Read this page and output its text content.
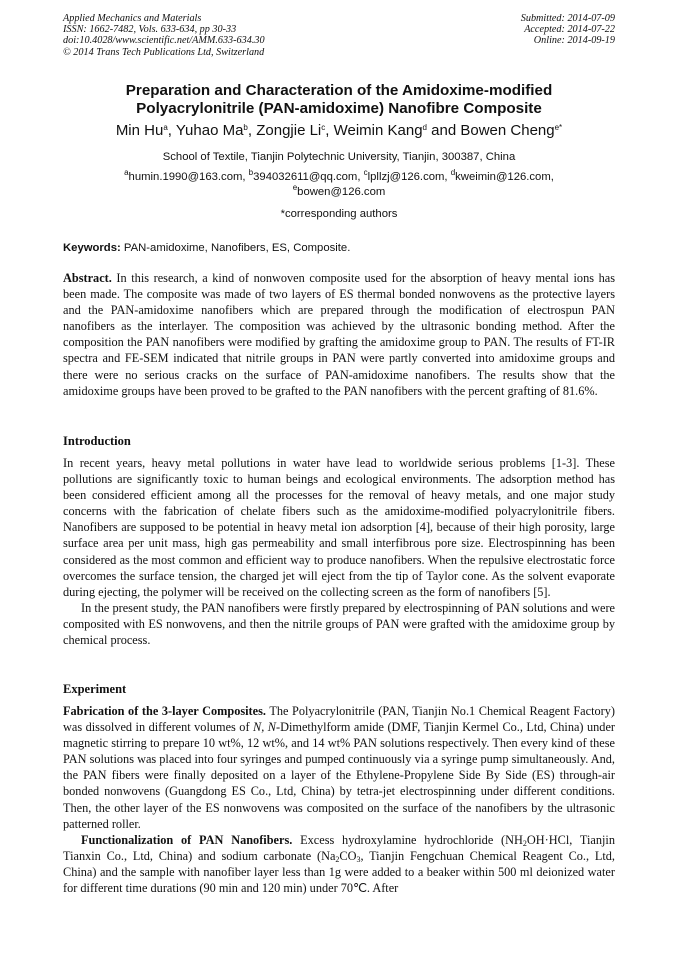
Applied Mechanics and Materials
ISSN: 1662-7482, Vols. 633-634, pp 30-33
doi:10.4028/www.scientific.net/AMM.633-634.30
© 2014 Trans Tech Publications Ltd, Switzerland
Submitted: 2014-07-09
Accepted: 2014-07-22
Online: 2014-09-19
Preparation and Characteration of the Amidoxime-modified
Polyacrylonitrile (PAN-amidoxime) Nanofibre Composite
Min Hu$^a$, Yuhao Ma$^b$, Zongjie Li$^c$, Weimin Kang$^d$ and Bowen Cheng$^{e*}$
School of Textile, Tianjin Polytechnic University, Tianjin, 300387, China
$^a$humin.1990@163.com, $^b$394032611@qq.com, $^c$lpllzj@126.com, $^d$kweimin@126.com,
$^e$bowen@126.com
*corresponding authors
Keywords: PAN-amidoxime, Nanofibers, ES, Composite.

Abstract. In this research, a kind of nonwoven composite used for the absorption of heavy mental ions has been made. The composite was made of two layers of ES thermal bonded nonwovens as the protective layers and the PAN-amidoxime nanofibers which are prepared through the modification of electrospun PAN nanofibers as the interlayer. The composition was achieved by the ultrasonic bonding method. After the composition the PAN nanofibers were modified by grafting the amidoxime group to PAN. The results of FT-IR spectra and FE-SEM indicated that nitrile groups in PAN were partly converted into amidoxime groups and there were no serious cracks on the surface of PAN-amidoxime nanofibers. The results show that the amidoxime groups have been proved to be grafted to the PAN nanofibers with the percent grafting of 81.6%.

Introduction

In recent years, heavy metal pollutions in water have lead to worldwide serious problems [1-3]. These pollutions are significantly toxic to human beings and ecological environments. The adsorption method has been considered efficient among all the processes for the removal of heavy metals, and one major study concerns with the fabrication of chelate fibers such as the amidoxime-modified polyacrylonitrile fibers. Nanofibers are supposed to be potential in heavy metal ion adsorption [4], because of their high porosity, large surface area per unit mass, high gas permeability and small interfibrous pore size. Electrospinning has been considered as the most common and efficient way to produce nanofibers. When the repulsive electrostatic force overcomes the surface tension, the charged jet will eject from the tip of Taylor cone. As the solvent evaporate during ejecting, the polymer will be received on the collecting screen as the form of nanofibers [5].

In the present study, the PAN nanofibers were firstly prepared by electrospinning of PAN solutions and were composited with ES nonwovens, and then the nitrile groups of PAN were grafted with the amidoxime group by chemical process.

Experiment

Fabrication of the 3-layer Composites. The Polyacrylonitrile (PAN, Tianjin No.1 Chemical Reagent Factory) was dissolved in different volumes of N, N-Dimethylform amide (DMF, Tianjin Kermel Co., Ltd, China) under magnetic stirring to prepare 10 wt%, 12 wt%, and 14 wt% PAN solutions respectively. Then every kind of these PAN solutions was placed into four syringes and pumped continuously via a syringe pump simultaneously. And, the PAN fibers were finally deposited on a layer of the Ethylene-Propylene Side By Side (ES) through-air bonded nonwovens (Guangdong ES Co., Ltd, China) by tetra-jet electrospinning under different conditions. Then, the other layer of the ES nonwovens was composited on the surface of the nanofibers by the ultrasonic patterned roller.

Functionalization of PAN Nanofibers. Excess hydroxylamine hydrochloride ($NH_2OH\cdot HCl$, Tianjin Tianxin Co., Ltd, China) and sodium carbonate ($Na_2CO_3$, Tianjin Fengchuan Chemical Reagent Co., Ltd, China) and the sample with nanofiber layer less than 1g were added to a beaker within 500 ml deionized water for different time durations (90 min and 120 min) under 70℃. After
